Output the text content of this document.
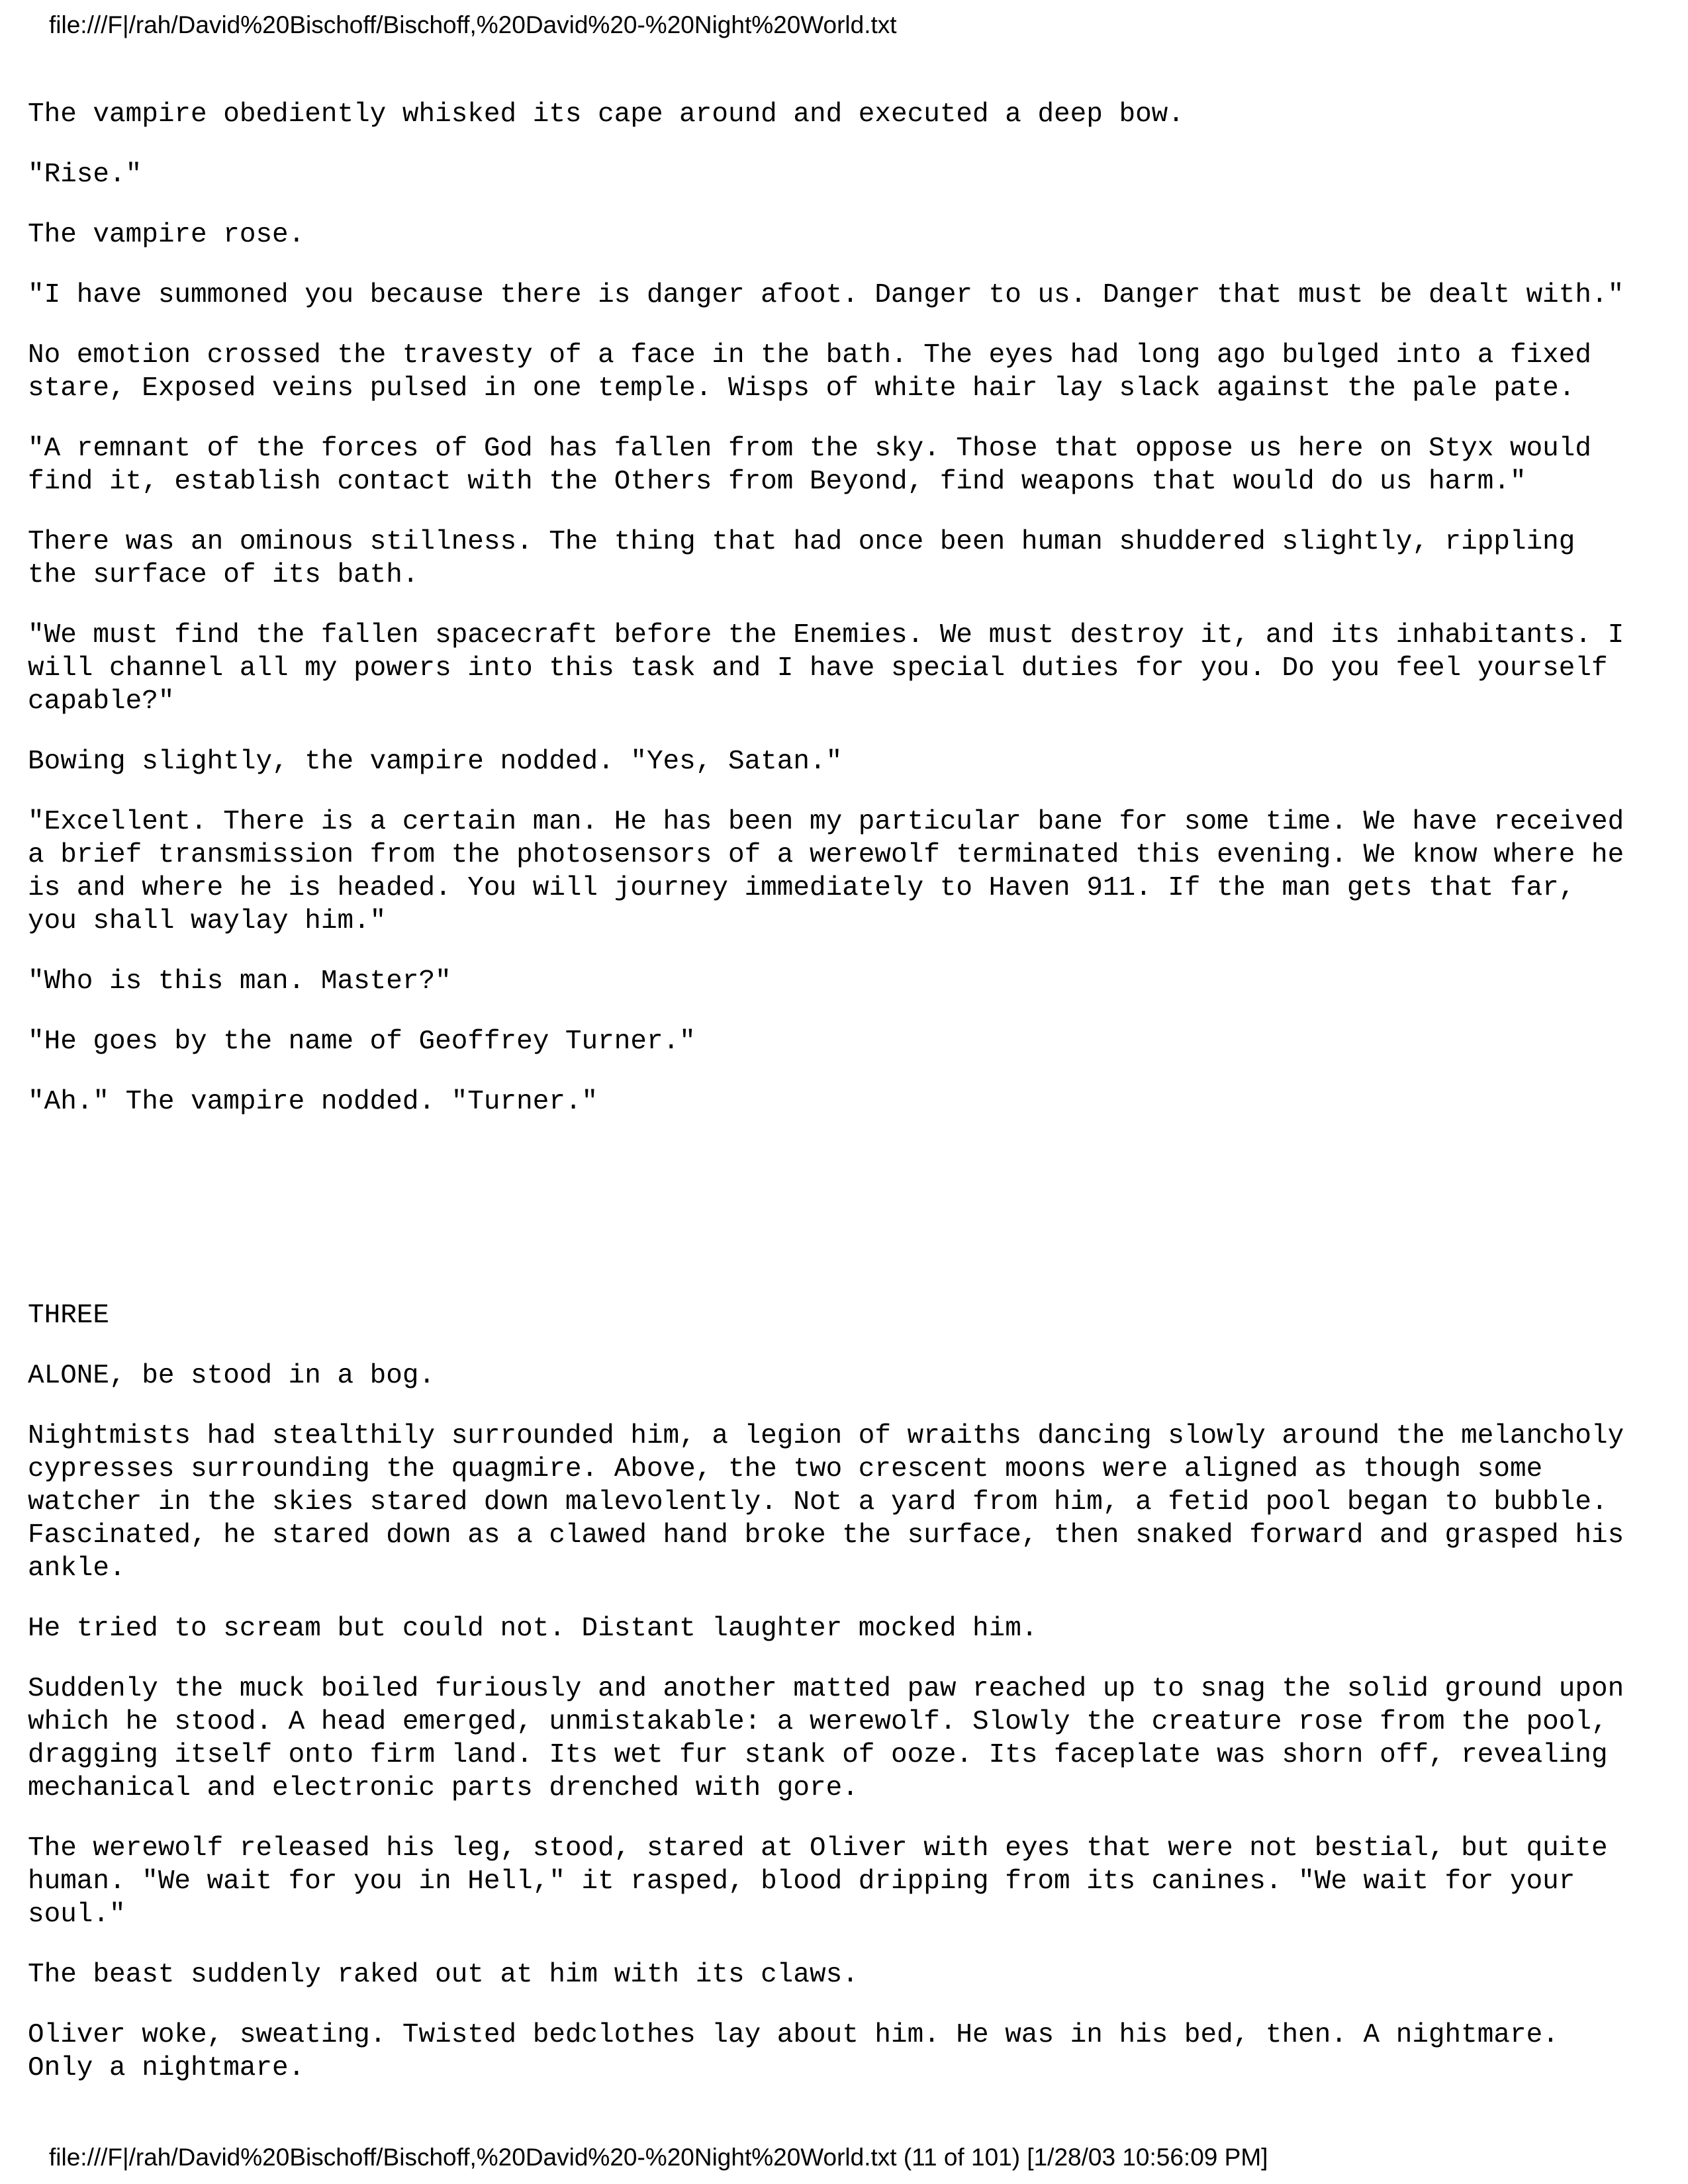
file:///F|/rah/David%20Bischoff/Bischoff,%20David%20-%20Night%20World.txt

The vampire obediently whisked its cape around and executed a deep bow.

"Rise."

The vampire rose.

"I have summoned you because there is danger afoot. Danger to us. Danger that must be dealt with."

No emotion crossed the travesty of a face in the bath. The eyes had long ago bulged into a fixed
stare, Exposed veins pulsed in one temple. Wisps of white hair lay slack against the pale pate.

"A remnant of the forces of God has fallen from the sky. Those that oppose us here on Styx would
find it, establish contact with the Others from Beyond, find weapons that would do us harm."

There was an ominous stillness. The thing that had once been human shuddered slightly, rippling
the surface of its bath.

"We must find the fallen spacecraft before the Enemies. We must destroy it, and its inhabitants. I
will channel all my powers into this task and I have special duties for you. Do you feel yourself
capable?"

Bowing slightly, the vampire nodded. "Yes, Satan."

"Excellent. There is a certain man. He has been my particular bane for some time. We have received
a brief transmission from the photosensors of a werewolf terminated this evening. We know where he
is and where he is headed. You will journey immediately to Haven 911. If the man gets that far,
you shall waylay him."

"Who is this man. Master?"

"He goes by the name of Geoffrey Turner."

"Ah." The vampire nodded. "Turner."

THREE

ALONE, be stood in a bog.

Nightmists had stealthily surrounded him, a legion of wraiths dancing slowly around the melancholy
cypresses surrounding the quagmire. Above, the two crescent moons were aligned as though some
watcher in the skies stared down malevolently. Not a yard from him, a fetid pool began to bubble.
Fascinated, he stared down as a clawed hand broke the surface, then snaked forward and grasped his
ankle.

He tried to scream but could not. Distant laughter mocked him.

Suddenly the muck boiled furiously and another matted paw reached up to snag the solid ground upon
which he stood. A head emerged, unmistakable: a werewolf. Slowly the creature rose from the pool,
dragging itself onto firm land. Its wet fur stank of ooze. Its faceplate was shorn off, revealing
mechanical and electronic parts drenched with gore.

The werewolf released his leg, stood, stared at Oliver with eyes that were not bestial, but quite
human. "We wait for you in Hell," it rasped, blood dripping from its canines. "We wait for your
soul."

The beast suddenly raked out at him with its claws.

Oliver woke, sweating. Twisted bedclothes lay about him. He was in his bed, then. A nightmare.
Only a nightmare.

file:///F|/rah/David%20Bischoff/Bischoff,%20David%20-%20Night%20World.txt (11 of 101) [1/28/03 10:56:09 PM]
